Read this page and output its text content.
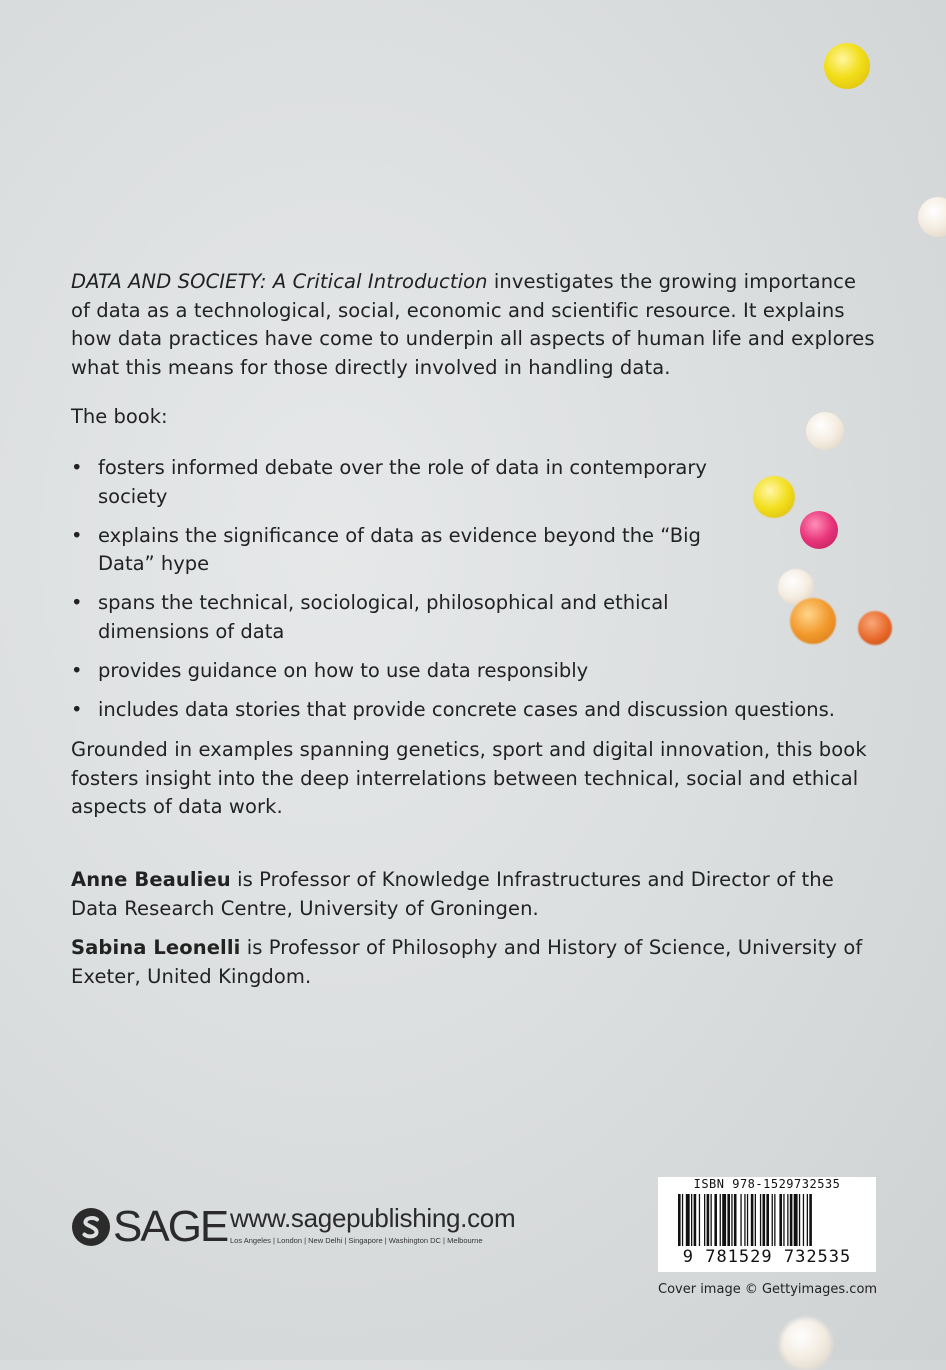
DATA AND SOCIETY: A Critical Introduction investigates the growing importance of data as a technological, social, economic and scientific resource. It explains how data practices have come to underpin all aspects of human life and explores what this means for those directly involved in handling data.

The book:
• fosters informed debate over the role of data in contemporary society
• explains the significance of data as evidence beyond the “Big Data” hype
• spans the technical, sociological, philosophical and ethical dimensions of data
• provides guidance on how to use data responsibly
• includes data stories that provide concrete cases and discussion questions.
Grounded in examples spanning genetics, sport and digital innovation, this book fosters insight into the deep interrelations between technical, social and ethical aspects of data work.
Anne Beaulieu is Professor of Knowledge Infrastructures and Director of the Data Research Centre, University of Groningen.
Sabina Leonelli is Professor of Philosophy and History of Science, University of Exeter, United Kingdom.
SAGE www.sagepublishing.com
Los Angeles | London | New Delhi | Singapore | Washington DC | Melbourne
ISBN 978-1529732535
9 781529 732535
Cover image © Gettyimages.com
